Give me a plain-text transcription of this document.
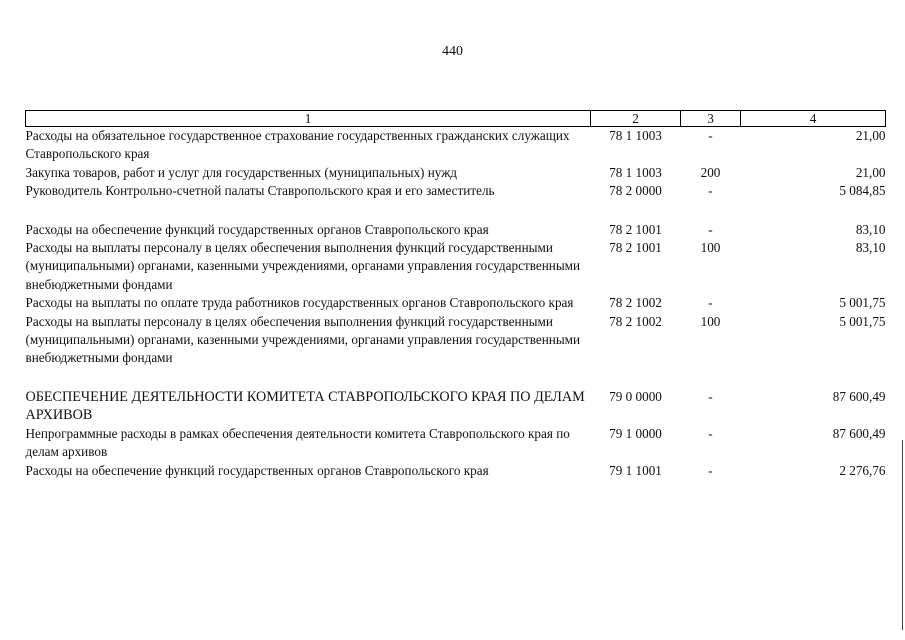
440
1	2	3	4
Расходы на обязательное государственное страхование государственных гражданских служащих Ставропольского края	78 1 1003	-	21,00
Закупка товаров, работ и услуг для государственных (муниципальных) нужд	78 1 1003	200	21,00
Руководитель Контрольно-счетной палаты Ставропольского края и его заместитель	78 2 0000	-	5 084,85
Расходы на обеспечение функций государственных органов Ставропольского края	78 2 1001	-	83,10
Расходы на выплаты персоналу в целях обеспечения выполнения функций государственными (муниципальными) органами, казенными учреждениями, органами управления государственными внебюджетными фондами	78 2 1001	100	83,10
Расходы на выплаты по оплате труда работников государственных органов Ставропольского края	78 2 1002	-	5 001,75
Расходы на выплаты персоналу в целях обеспечения выполнения функций государственными (муниципальными) органами, казенными учреждениями, органами управления государственными внебюджетными фондами	78 2 1002	100	5 001,75
ОБЕСПЕЧЕНИЕ ДЕЯТЕЛЬНОСТИ КОМИТЕТА СТАВРОПОЛЬСКОГО КРАЯ ПО ДЕЛАМ АРХИВОВ	79 0 0000	-	87 600,49
Непрограммные расходы в рамках обеспечения деятельности комитета Ставропольского края по делам архивов	79 1 0000	-	87 600,49
Расходы на обеспечение функций государственных органов Ставропольского края	79 1 1001	-	2 276,76
